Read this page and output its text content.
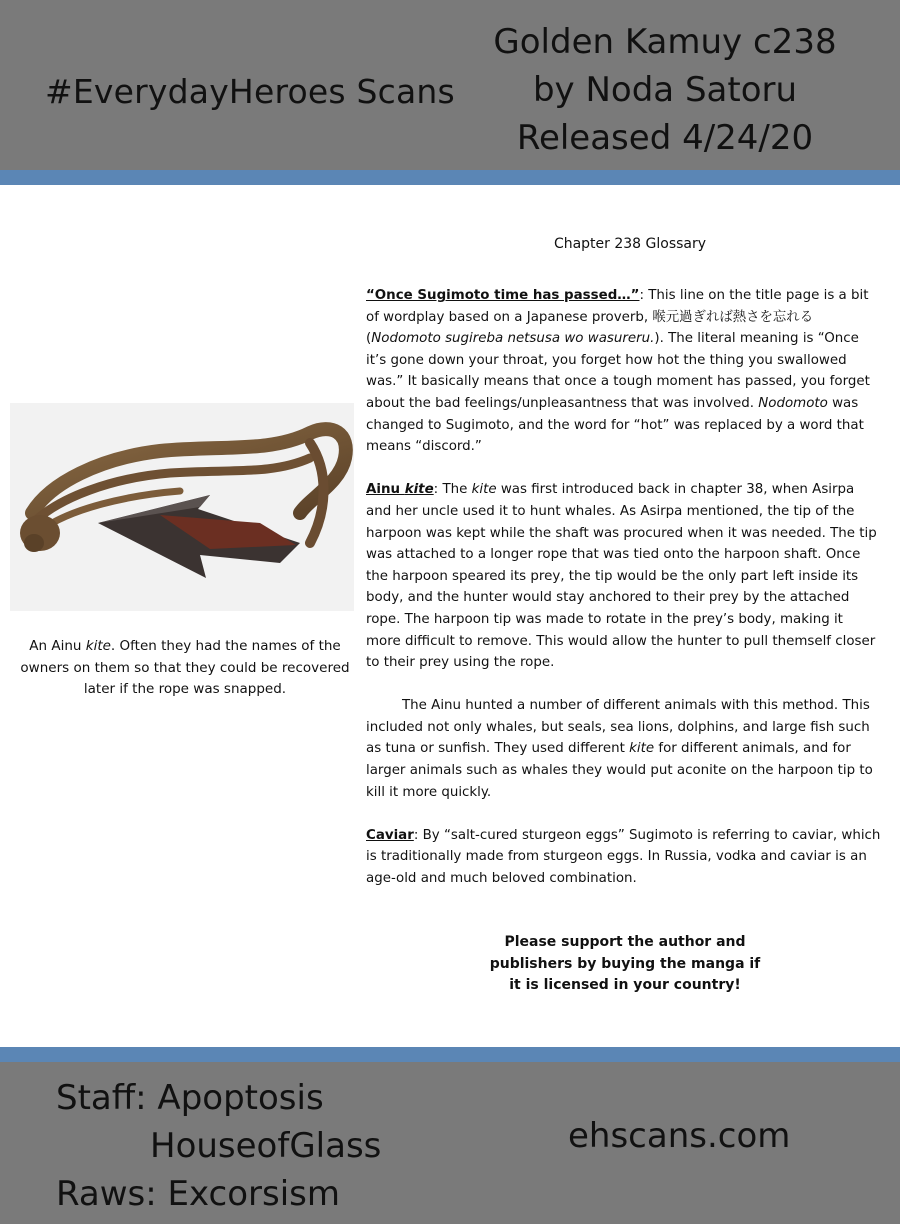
#EverydayHeroes Scans
Golden Kamuy c238
by Noda Satoru
Released 4/24/20
An Ainu kite. Often they had the names of the owners on them so that they could be recovered later if the rope was snapped.
Chapter 238 Glossary

“Once Sugimoto time has passed…”: This line on the title page is a bit of wordplay based on a Japanese proverb, 喉元過ぎれば熱さを忘れる (Nodomoto sugireba netsusa wo wasureru.). The literal meaning is “Once it’s gone down your throat, you forget how hot the thing you swallowed was.” It basically means that once a tough moment has passed, you forget about the bad feelings/unpleasantness that was involved. Nodomoto was changed to Sugimoto, and the word for “hot” was replaced by a word that means “discord.”

Ainu kite: The kite was first introduced back in chapter 38, when Asirpa and her uncle used it to hunt whales. As Asirpa mentioned, the tip of the harpoon was kept while the shaft was procured when it was needed. The tip was attached to a longer rope that was tied onto the harpoon shaft. Once the harpoon speared its prey, the tip would be the only part left inside its body, and the hunter would stay anchored to their prey by the attached rope. The harpoon tip was made to rotate in the prey’s body, making it more difficult to remove. This would allow the hunter to pull themself closer to their prey using the rope.

The Ainu hunted a number of different animals with this method. This included not only whales, but seals, sea lions, dolphins, and large fish such as tuna or sunfish. They used different kite for different animals, and for larger animals such as whales they would put aconite on the harpoon tip to kill it more quickly.

Caviar: By “salt-cured sturgeon eggs” Sugimoto is referring to caviar, which is traditionally made from sturgeon eggs. In Russia, vodka and caviar is an age-old and much beloved combination.

Please support the author and
publishers by buying the manga if
it is licensed in your country!
Staff: Apoptosis
HouseofGlass
Raws: Excorsism
ehscans.com
